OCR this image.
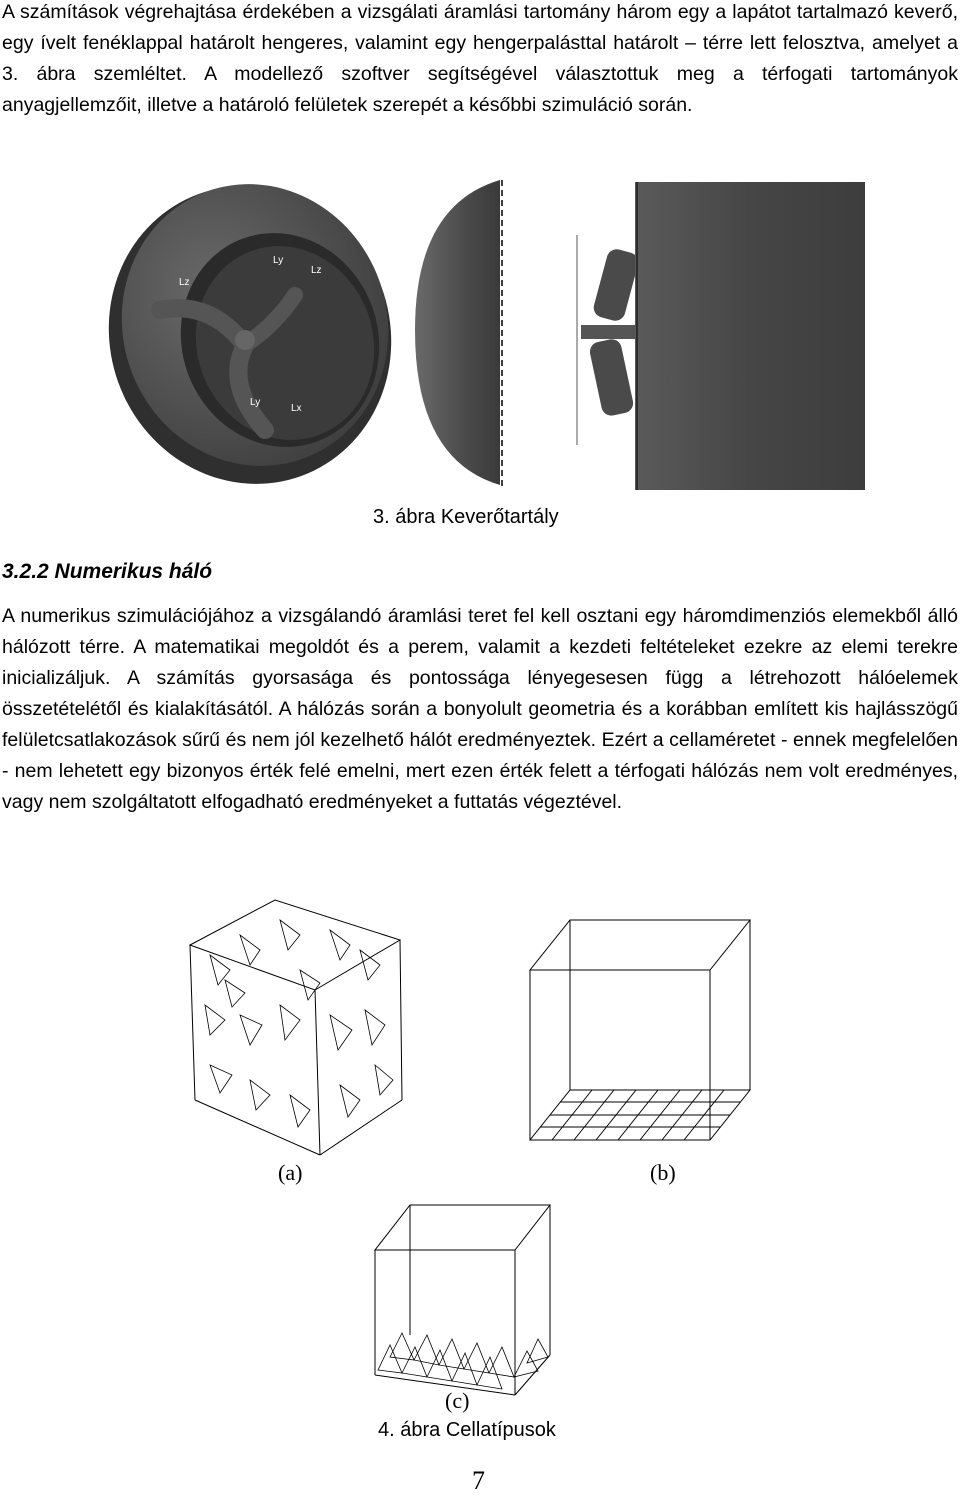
A számítások végrehajtása érdekében a vizsgálati áramlási tartomány három egy a lapátot tartalmazó keverő, egy ívelt fenéklappal határolt hengeres, valamint egy hengerpalásttal határolt – térre lett felosztva, amelyet a 3. ábra szemléltet. A modellező szoftver segítségével választottuk meg a térfogati tartományok anyagjellemzőit, illetve a határoló felületek szerepét a későbbi szimuláció során.

Ly
Lz
Lz
Ly
Lx

3. ábra Keverőtartály

3.2.2 Numerikus háló

A numerikus szimulációjához a vizsgálandó áramlási teret fel kell osztani egy háromdimenziós elemekből álló hálózott térre. A matematikai megoldót és a perem, valamit a kezdeti feltételeket ezekre az elemi terekre inicializáljuk. A számítás gyorsasága és pontossága lényegesesen függ a létrehozott hálóelemek összetételétől és kialakításától. A hálózás során a bonyolult geometria és a korábban említett kis hajlásszögű felületcsatlakozások sűrű és nem jól kezelhető hálót eredményeztek. Ezért a cellaméretet - ennek megfelelően - nem lehetett egy bizonyos érték felé emelni, mert ezen érték felett a térfogati hálózás nem volt eredményes, vagy nem szolgáltatott elfogadható eredményeket a futtatás végeztével.

(a)	(b)
(c)

4. ábra Cellatípusok

7
